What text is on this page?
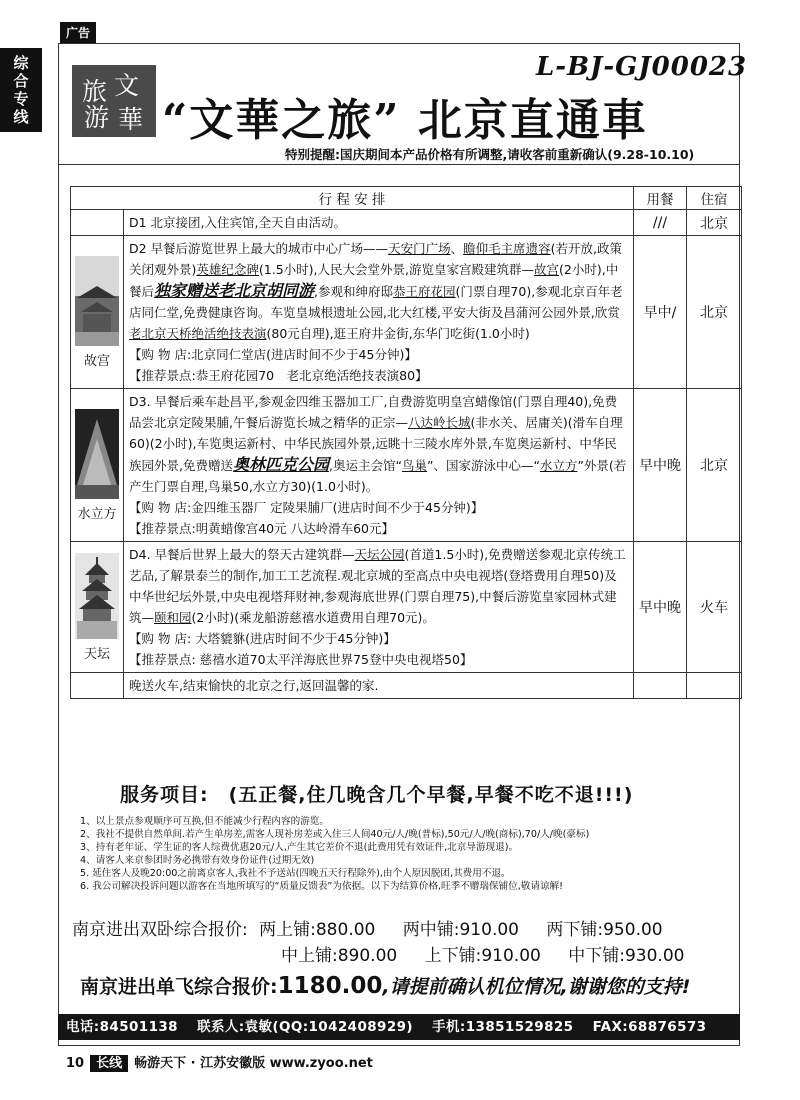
广告
综
合
专
线
文
旅
華
游
L-BJ-GJ00023
“文華之旅” 北京直通車
特别提醒:国庆期间本产品价格有所调整,请收客前重新确认(9.28-10.10)
行 程 安 排		用餐	住宿
	D1 北京接团,入住宾馆,全天自由活动。	///	北京

故宫	D2 早餐后游览世界上最大的城市中心广场——天安门广场、瞻仰毛主席遗容(若开放,政策关闭观外景)英雄纪念碑(1.5小时),人民大会堂外景,游览皇家宫殿建筑群—故宫(2小时),中餐后独家赠送老北京胡同游,参观和绅府邸恭王府花园(门票自理70),参观北京百年老店同仁堂,免费健康咨询。车览皇城根遗址公园,北大红楼,平安大街及昌蒲河公园外景,欣赏老北京天桥绝活绝技表演(80元自理),逛王府井金街,东华门吃街(1.0小时)
【购 物 店:北京同仁堂店(进店时间不少于45分钟)】
【推荐景点:恭王府花园70　老北京绝活绝技表演80】	早中/	北京

水立方	D3. 早餐后乘车赴昌平,参观金四维玉器加工厂,自费游览明皇宫蜡像馆(门票自理40),免费品尝北京定陵果脯,午餐后游览长城之精华的正宗—八达岭长城(非水关、居庸关)(滑车自理60)(2小时),车览奥运新村、中华民族园外景,远眺十三陵水库外景,车览奥运新村、中华民族园外景,免费赠送奥林匹克公园,奥运主会馆“鸟巢”、国家游泳中心—“水立方”外景(若产生门票自理,鸟巢50,水立方30)(1.0小时)。
【购 物 店:金四维玉器厂 定陵果脯厂(进店时间不少于45分钟)】
【推荐景点:明黄蜡像宫40元 八达岭滑车60元】	早中晚	北京

天坛	D4. 早餐后世界上最大的祭天古建筑群—天坛公园(首道1.5小时),免费赠送参观北京传统工艺品,了解景泰兰的制作,加工工艺流程.观北京城的至高点中央电视塔(登塔费用自理50)及中华世纪坛外景,中央电视塔拜财神,参观海底世界(门票自理75),中餐后游览皇家园林式建筑—颐和园(2小时)(乘龙船游慈禧水道费用自理70元)。
【购 物 店: 大塔貔貅(进店时间不少于45分钟)】
【推荐景点: 慈禧水道70太平洋海底世界75登中央电视塔50】	早中晚	火车
	晚送火车,结束愉快的北京之行,返回温馨的家.		
服务项目:　(五正餐,住几晚含几个早餐,早餐不吃不退!!!)
1、以上景点参观顺序可互换,但不能减少行程内容的游览。
2、我社不提供自然单间.若产生单房差,需客人现补房差或入住三人间40元/人/晚(普标),50元/人/晚(商标),70/人/晚(豪标)
3、持有老年证、学生证的客人综费优惠20元/人,产生其它差价不退(此费用凭有效证件,北京导游现退)。
4、请客人来京参团时务必携带有效身份证件(过期无效)
5. 延住客人及晚20:00之前离京客人,我社不予送站(四晚五天行程除外),由个人原因脱团,其费用不退。
6. 我公司解决投诉问题以游客在当地所填写的“质量反馈表”为依据。以下为结算价格,旺季不赠瑞保铺位,敬请谅解!
南京进出双卧综合报价: 两上铺:880.00 两中铺:910.00 两下铺:950.00
中上铺:890.00 上下铺:910.00 中下铺:930.00
南京进出单飞综合报价:1180.00,请提前确认机位情况,谢谢您的支持!
电话:84501138 联系人:袁敏(QQ:1042408929) 手机:13851529825 FAX:68876573
10 长线 畅游天下 · 江苏安徽版 www.zyoo.net
